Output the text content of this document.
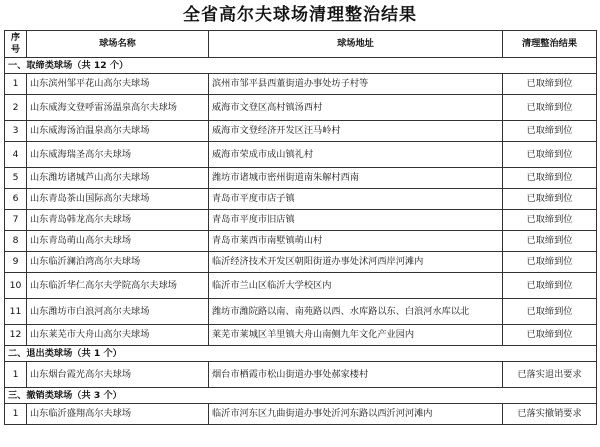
全省高尔夫球场清理整治结果
序号	球场名称	球场地址	清理整治结果
一、取缔类球场（共 12 个）			
1	山东滨州邹平花山高尔夫球场	滨州市邹平县西董街道办事处坊子村等	已取缔到位
2	山东威海文登呼雷汤温泉高尔夫球场	威海市文登区高村镇汤西村	已取缔到位
3	山东威海汤泊温泉高尔夫球场	威海市文登经济开发区汪马岭村	已取缔到位
4	山东威海瑞圣高尔夫球场	威海市荣成市成山镇礼村	已取缔到位
5	山东潍坊诸城芦山高尔夫球场	潍坊市诸城市密州街道南朱解村西南	已取缔到位
6	山东青岛茶山国际高尔夫球场	青岛市平度市店子镇	已取缔到位
7	山东青岛韩龙高尔夫球场	青岛市平度市旧店镇	已取缔到位
8	山东青岛萌山高尔夫球场	青岛市莱西市南墅镇萌山村	已取缔到位
9	山东临沂澜泊湾高尔夫球场	临沂经济技术开发区朝阳街道办事处沭河西岸河滩内	已取缔到位
10	山东临沂华仁高尔夫学院高尔夫球场	临沂市兰山区临沂大学校区内	已取缔到位
11	山东潍坊市白浪河高尔夫球场	潍坊市潍院路以南、南苑路以西、水库路以东、白浪河水库以北	已取缔到位
12	山东莱芜市大舟山高尔夫球场	莱芜市莱城区羊里镇大舟山南侧九年文化产业园内	已取缔到位
二、退出类球场（共 1 个）			
1	山东烟台霞光高尔夫球场	烟台市栖霞市松山街道办事处郝家楼村	已落实退出要求
三、撤销类球场（共 3 个）			
1	山东临沂盛翔高尔夫球场	临沂市河东区九曲街道办事处沂河东路以西沂河河滩内	已落实撤销要求
